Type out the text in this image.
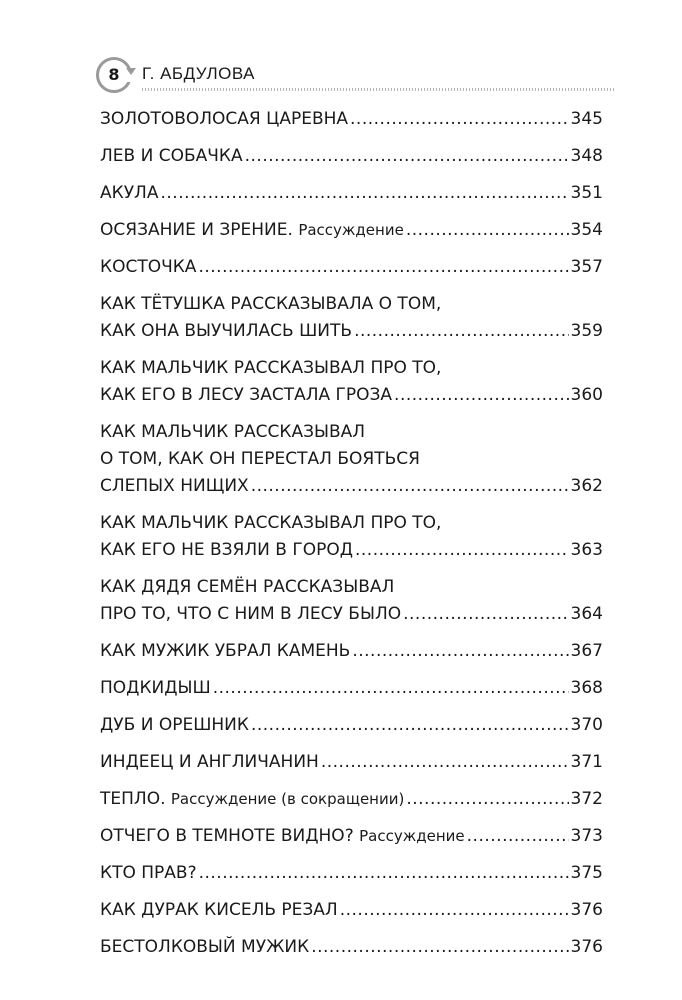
8	Г. АБДУЛОВА
ЗОЛОТОВОЛОСАЯ ЦАРЕВНА .....	345
ЛЕВ И СОБАЧКА .....	348
АКУЛА .....	351
ОСЯЗАНИЕ И ЗРЕНИЕ. Рассуждение .....	354
КОСТОЧКА .....	357
КАК ТЁТУШКА РАССКАЗЫВАЛА О ТОМ,
КАК ОНА ВЫУЧИЛАСЬ ШИТЬ .....	359
КАК МАЛЬЧИК РАССКАЗЫВАЛ ПРО ТО,
КАК ЕГО В ЛЕСУ ЗАСТАЛА ГРОЗА .....	360
КАК МАЛЬЧИК РАССКАЗЫВАЛ
О ТОМ, КАК ОН ПЕРЕСТАЛ БОЯТЬСЯ
СЛЕПЫХ НИЩИХ .....	362
КАК МАЛЬЧИК РАССКАЗЫВАЛ ПРО ТО,
КАК ЕГО НЕ ВЗЯЛИ В ГОРОД .....	363
КАК ДЯДЯ СЕМЁН РАССКАЗЫВАЛ
ПРО ТО, ЧТО С НИМ В ЛЕСУ БЫЛО .....	364
КАК МУЖИК УБРАЛ КАМЕНЬ .....	367
ПОДКИДЫШ .....	368
ДУБ И ОРЕШНИК .....	370
ИНДЕЕЦ И АНГЛИЧАНИН .....	371
ТЕПЛО. Рассуждение (в сокращении) .....	372
ОТЧЕГО В ТЕМНОТЕ ВИДНО? Рассуждение .....	373
КТО ПРАВ? .....	375
КАК ДУРАК КИСЕЛЬ РЕЗАЛ .....	376
БЕСТОЛКОВЫЙ МУЖИК .....	376
